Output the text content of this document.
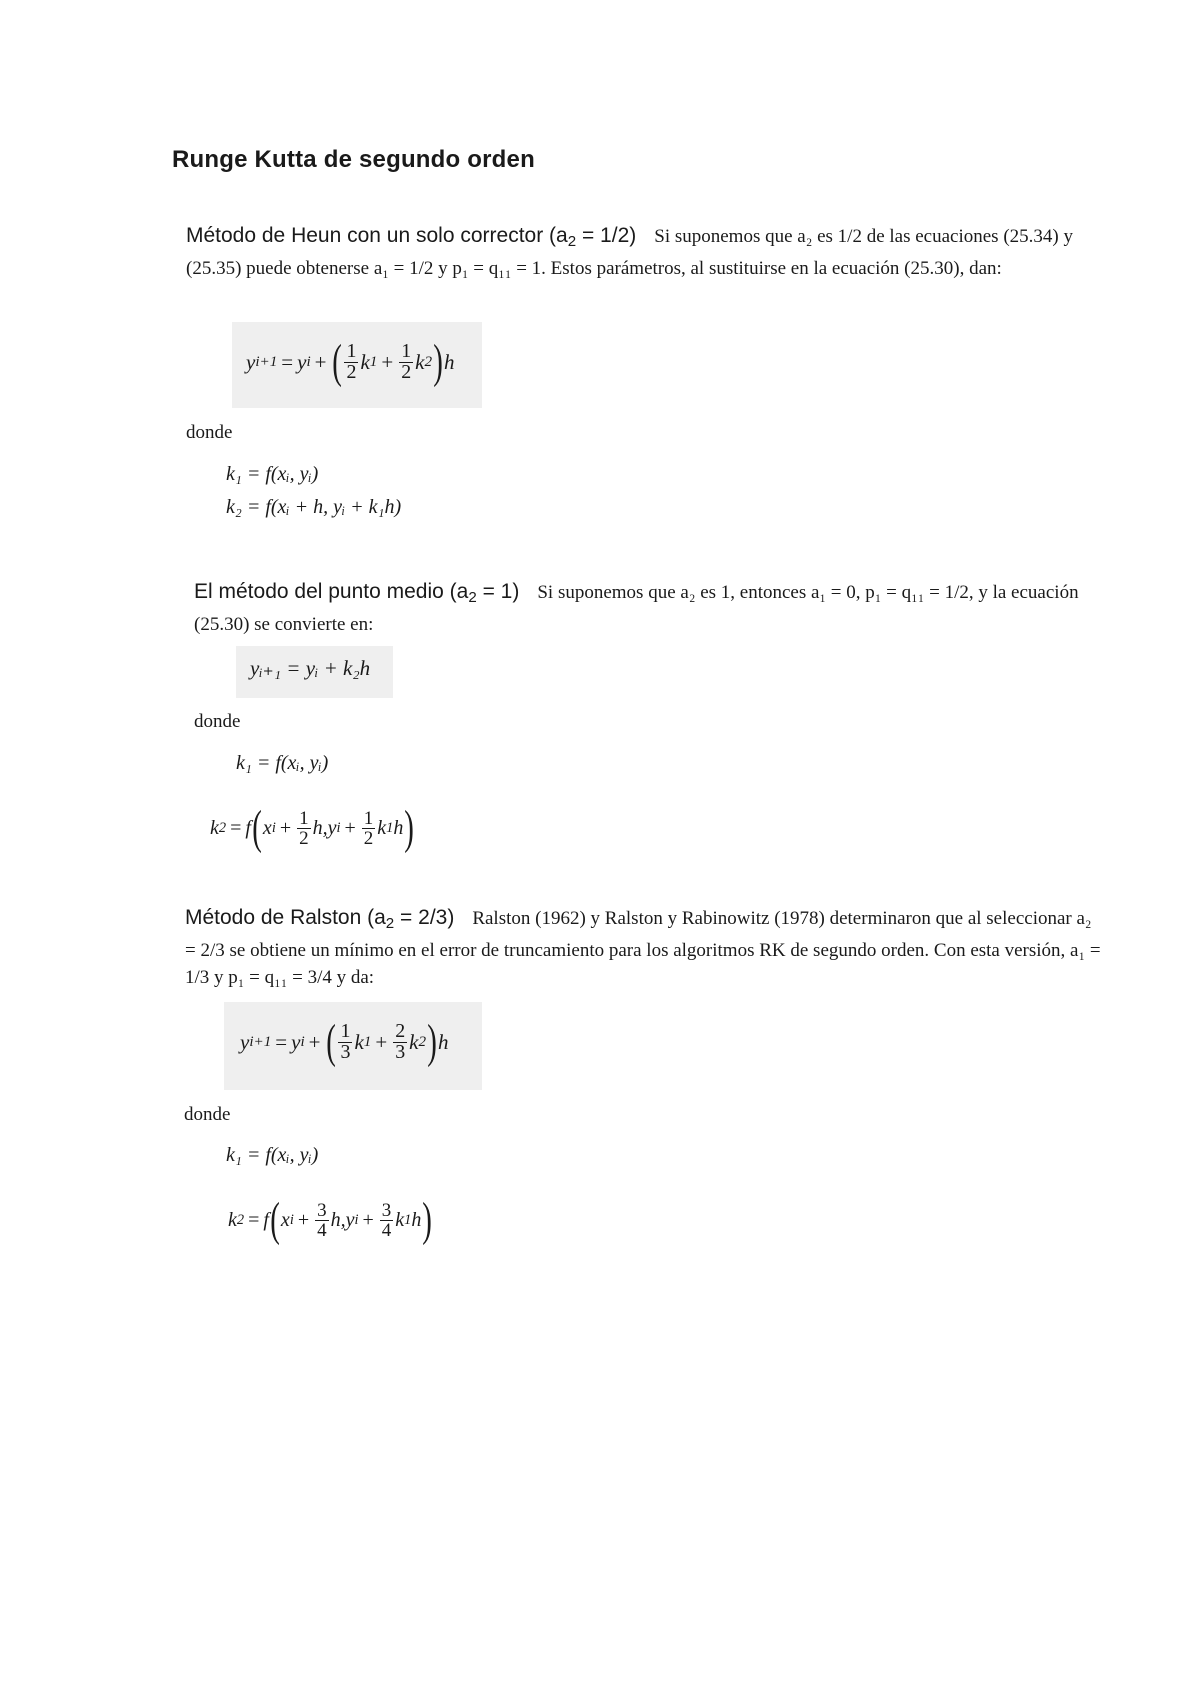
Runge Kutta de segundo orden

Método de Heun con un solo corrector $(a_2 = 1/2)$ Si suponemos que a₂ es 1/2 de las ecuaciones (25.34) y (25.35) puede obtenerse a₁ = 1/2 y p₁ = q₁₁ = 1. Estos parámetros, al sustituirse en la ecuación (25.30), dan:

y i+1 = y i + ( $\frac{1}{2}$ k $1 + \frac{1}{2}$ k 2 ) h
donde
k₁ = f(xᵢ, yᵢ)
k₂ = f(xᵢ + h, yᵢ + k₁h)

El método del punto medio $(a_2 = 1)$ Si suponemos que a₂ es 1, entonces a₁ = 0, p₁ = q₁₁ = 1/2, y la ecuación (25.30) se convierte en:

yᵢ₊₁ = yᵢ + k₂h
donde
k₁ = f(xᵢ, yᵢ)
k 2 = f ( x $i + \frac{1}{2} h$, y $i + \frac{1}{2}$ k 1 h )

Método de Ralston $(a_2 = 2/3)$ Ralston (1962) y Ralston y Rabinowitz (1978) determinaron que al seleccionar a₂ = 2/3 se obtiene un mínimo en el error de truncamiento para los algoritmos RK de segundo orden. Con esta versión, a₁ = 1/3 y p₁ = q₁₁ = 3/4 y da:

y i+1 = y i + ( $\frac{1}{3}$ k $1 + \frac{2}{3}$ k 2 ) h
donde
k₁ = f(xᵢ, yᵢ)
k 2 = f ( x $i + \frac{3}{4} h$, y $i + \frac{3}{4}$ k 1 h )
